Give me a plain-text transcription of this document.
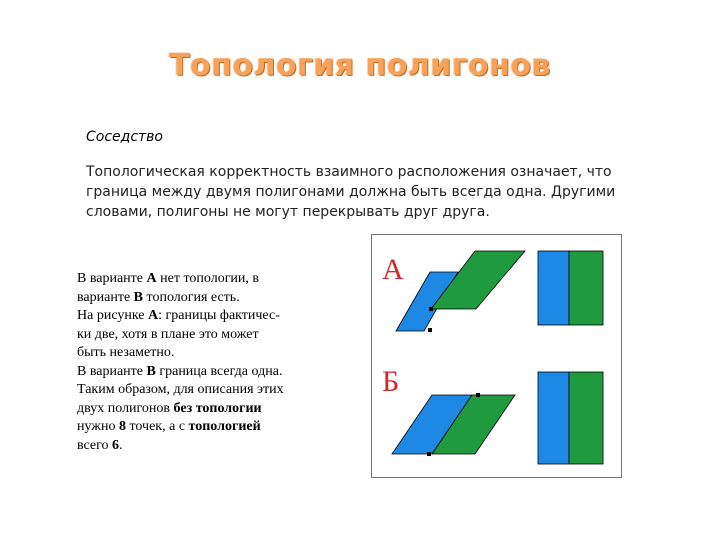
Топология полигонов
Соседство
Топологическая корректность взаимного расположения означает, что граница между двумя полигонами должна быть всегда одна. Другими словами, полигоны не могут перекрывать друг друга.
В варианте А нет топологии, в
варианте В топология есть.
На рисунке А: границы фактичес-
ки две, хотя в плане это может
быть незаметно.
В варианте В граница всегда одна.
Таким образом, для описания этих
двух полигонов без топологии
нужно 8 точек, а с топологией
всего 6.
А
Б
